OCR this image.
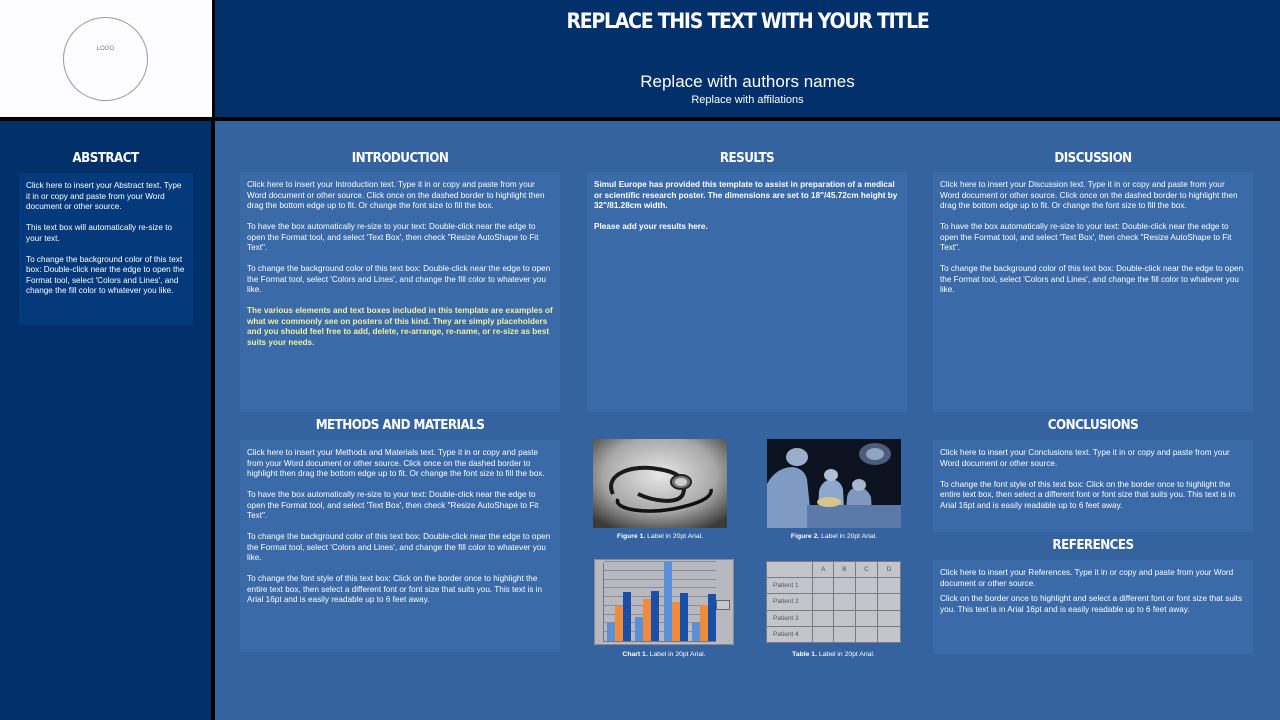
LOGO
REPLACE THIS TEXT WITH YOUR TITLE
Replace with authors names
Replace with affilations
ABSTRACT

Click here to insert your Abstract text. Type it in or copy and paste from your Word document or other source.

This text box will automatically re-size to your text.

To change the background color of this text box: Double-click near the edge to open the Format tool, select 'Colors and Lines', and change the fill color to whatever you like.

INTRODUCTION

Click here to insert your Introduction text. Type it in or copy and paste from your Word document or other source. Click once on the dashed border to highlight then drag the bottom edge up to fit. Or change the font size to fill the box.

To have the box automatically re-size to your text: Double-click near the edge to open the Format tool, and select 'Text Box', then check "Resize AutoShape to Fit Text".

To change the background color of this text box: Double-click near the edge to open the Format tool, select 'Colors and Lines', and change the fill color to whatever you like.

The various elements and text boxes included in this template are examples of what we commonly see on posters of this kind. They are simply placeholders and you should feel free to add, delete, re-arrange, re-name, or re-size as best suits your needs.

RESULTS

Simul Europe has provided this template to assist in preparation of a medical or scientific research poster. The dimensions are set to 18"/45.72cm height by 32"/81.28cm width.

Please add your results here.

DISCUSSION

Click here to insert your Discussion text. Type it in or copy and paste from your Word document or other source. Click once on the dashed border to highlight then drag the bottom edge up to fit. Or change the font size to fill the box.

To have the box automatically re-size to your text: Double-click near the edge to open the Format tool, and select 'Text Box', then check "Resize AutoShape to Fit Text".

To change the background color of this text box: Double-click near the edge to open the Format tool, select 'Colors and Lines', and change the fill color to whatever you like.

METHODS AND MATERIALS

Click here to insert your Methods and Materials text. Type it in or copy and paste from your Word document or other source. Click once on the dashed border to highlight then drag the bottom edge up to fit. Or change the font size to fill the box.

To have the box automatically re-size to your text: Double-click near the edge to open the Format tool, and select 'Text Box', then check "Resize AutoShape to Fit Text".

To change the background color of this text box: Double-click near the edge to open the Format tool, select 'Colors and Lines', and change the fill color to whatever you like.

To change the font style of this text box: Click on the border once to highlight the entire text box, then select a different font or font size that suits you. This text is in Arial 16pt and is easily readable up to 6 feet away.

Figure 1. Label in 20pt Arial.	Figure 2. Label in 20pt Arial.
Chart 1. Label in 20pt Arial.
	A	B	C	D
Patient 1				
Patient 2				
Patient 3				
Patient 4				
Table 1. Label in 20pt Arial.
CONCLUSIONS

Click here to insert your Conclusions text. Type it in or copy and paste from your Word document or other source.

To change the font style of this text box: Click on the border once to highlight the entire text box, then select a different font or font size that suits you. This text is in Arial 16pt and is easily readable up to 6 feet away.

REFERENCES

Click here to insert your References. Type it in or copy and paste from your Word document or other source.

Click on the border once to highlight and select a different font or font size that suits you. This text is in Arial 16pt and is easily readable up to 6 feet away.
